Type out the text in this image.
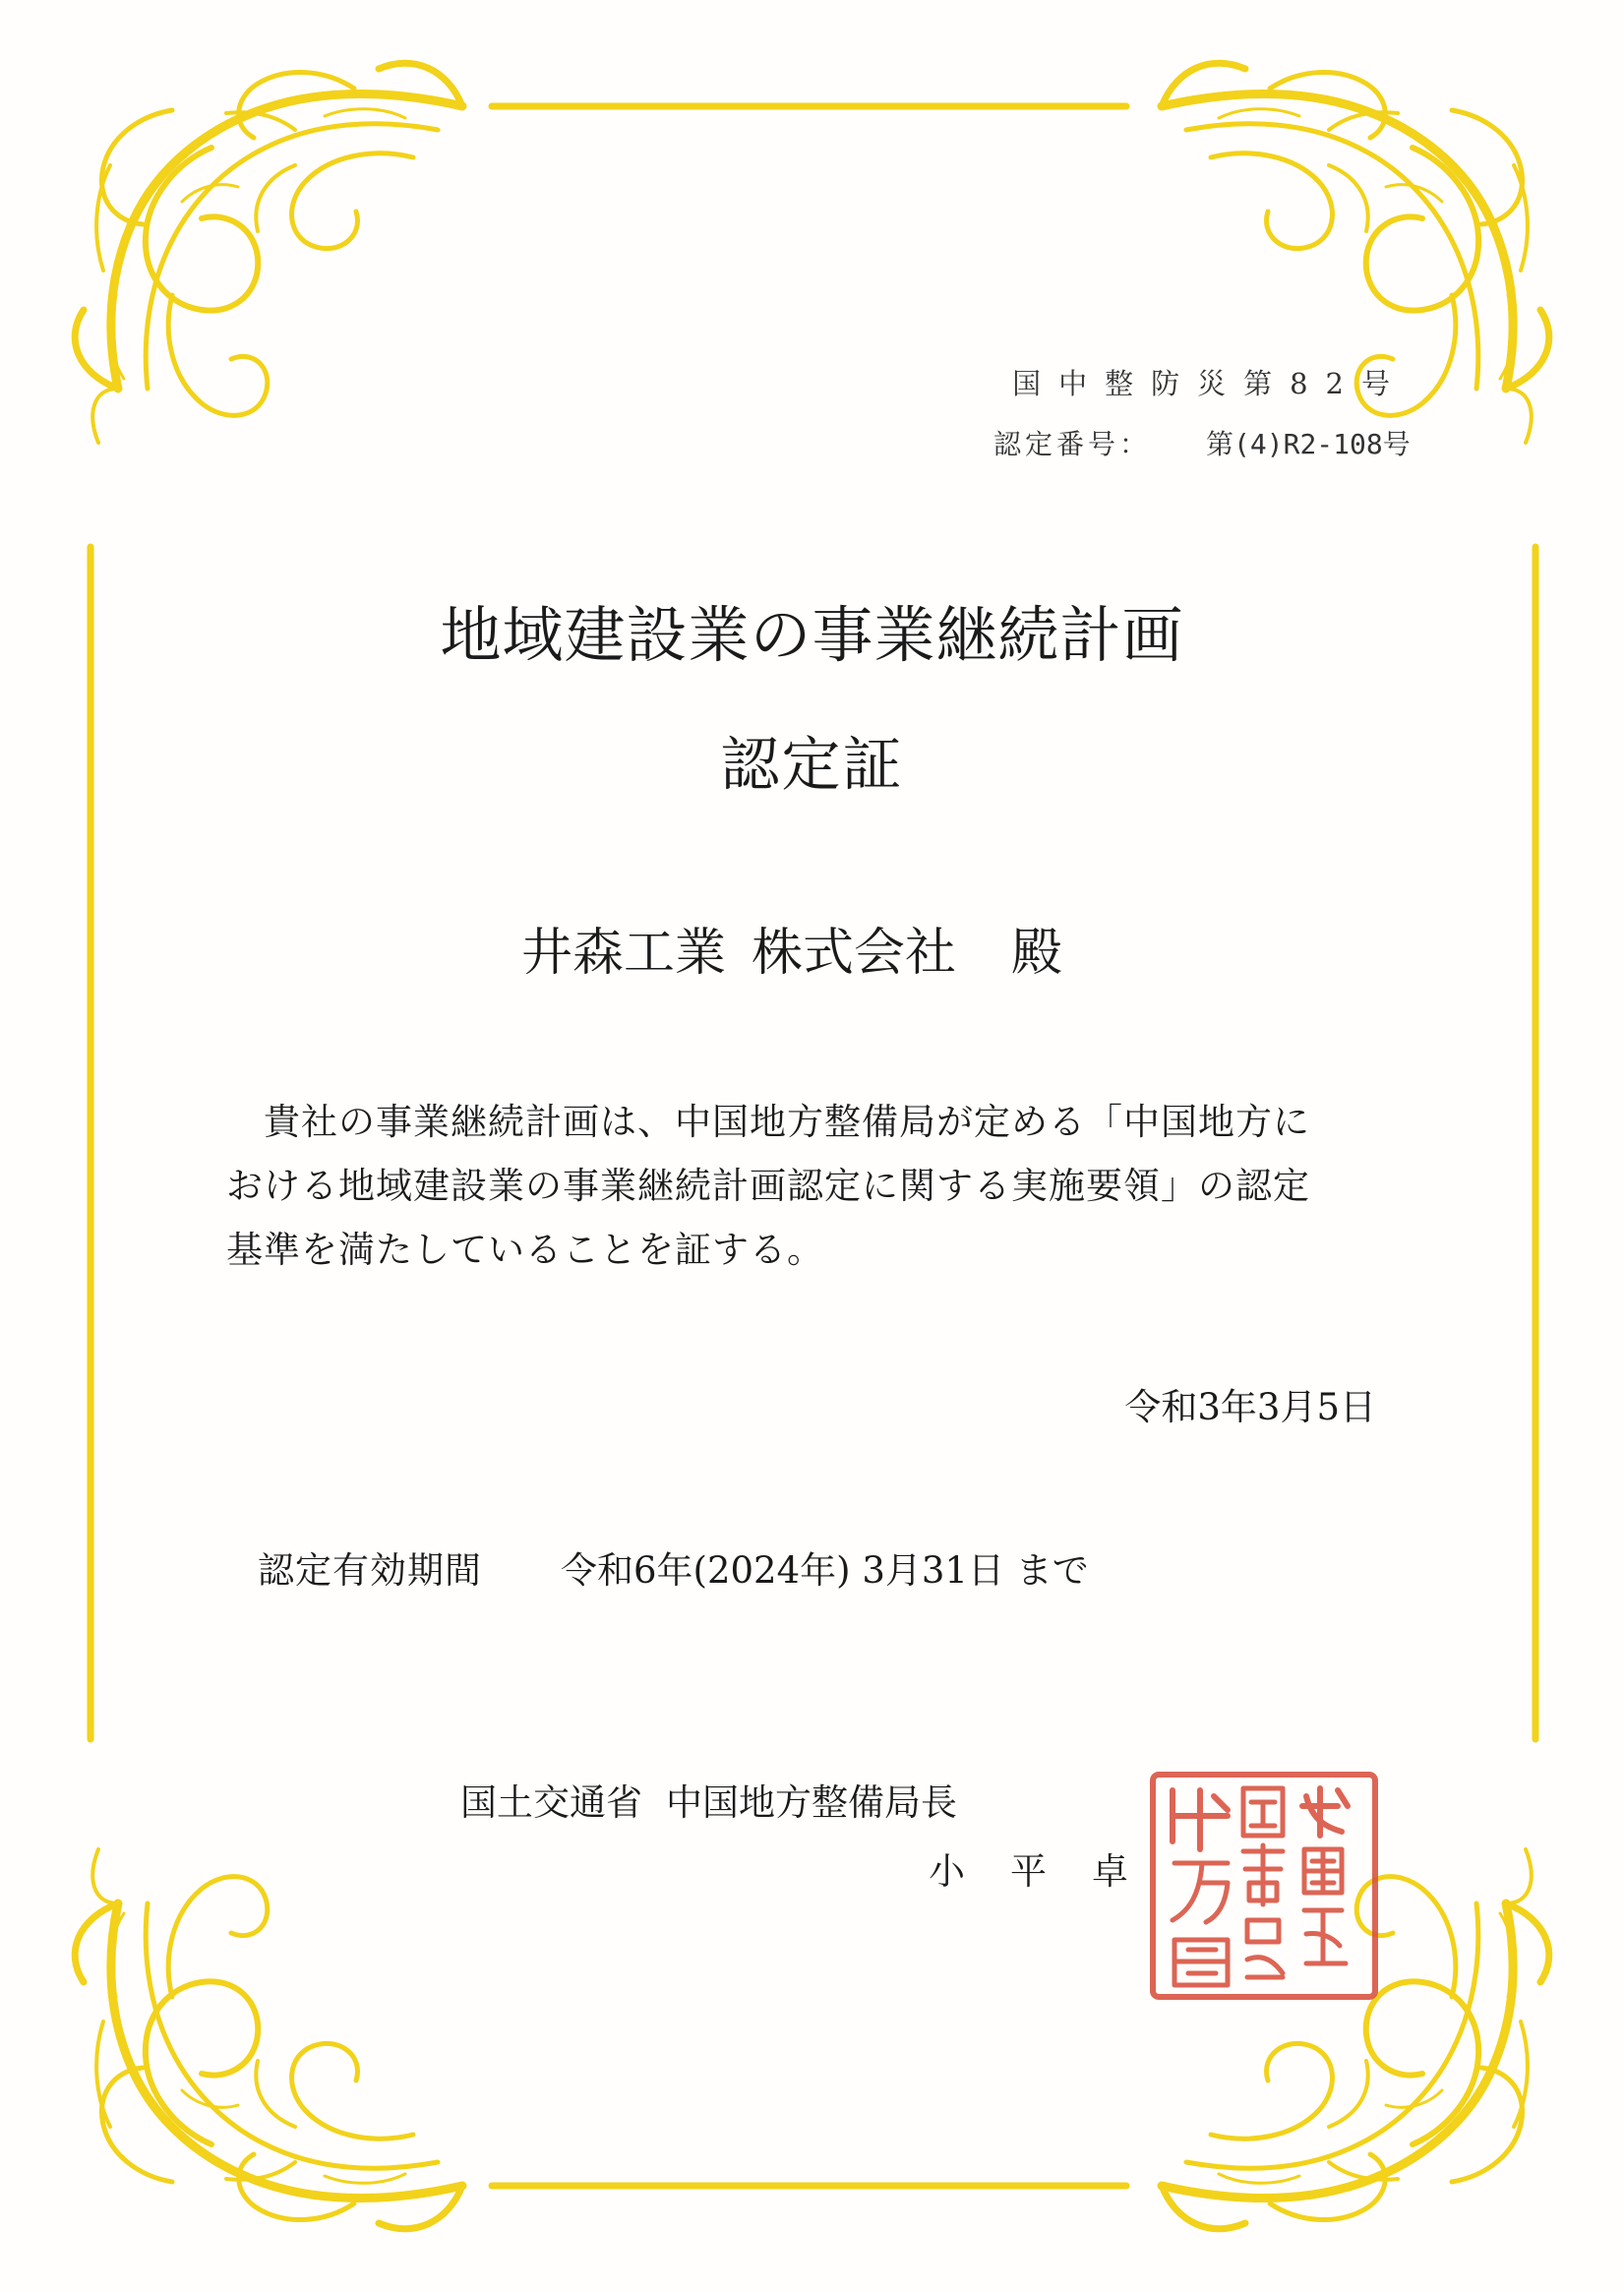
国中整防災第82号
認定番号： 第(4)R2-108号
地域建設業の事業継続計画
認定証
井森工業 株式会社 殿

　貴社の事業継続計画は、中国地方整備局が定める「中国地方に

おける地域建設業の事業継続計画認定に関する実施要領」の認定

基準を満たしていることを証する。

令和3年3月5日
認定有効期間 令和6年(2024年) 3月31日 まで
国土交通省 中国地方整備局長
小平卓
